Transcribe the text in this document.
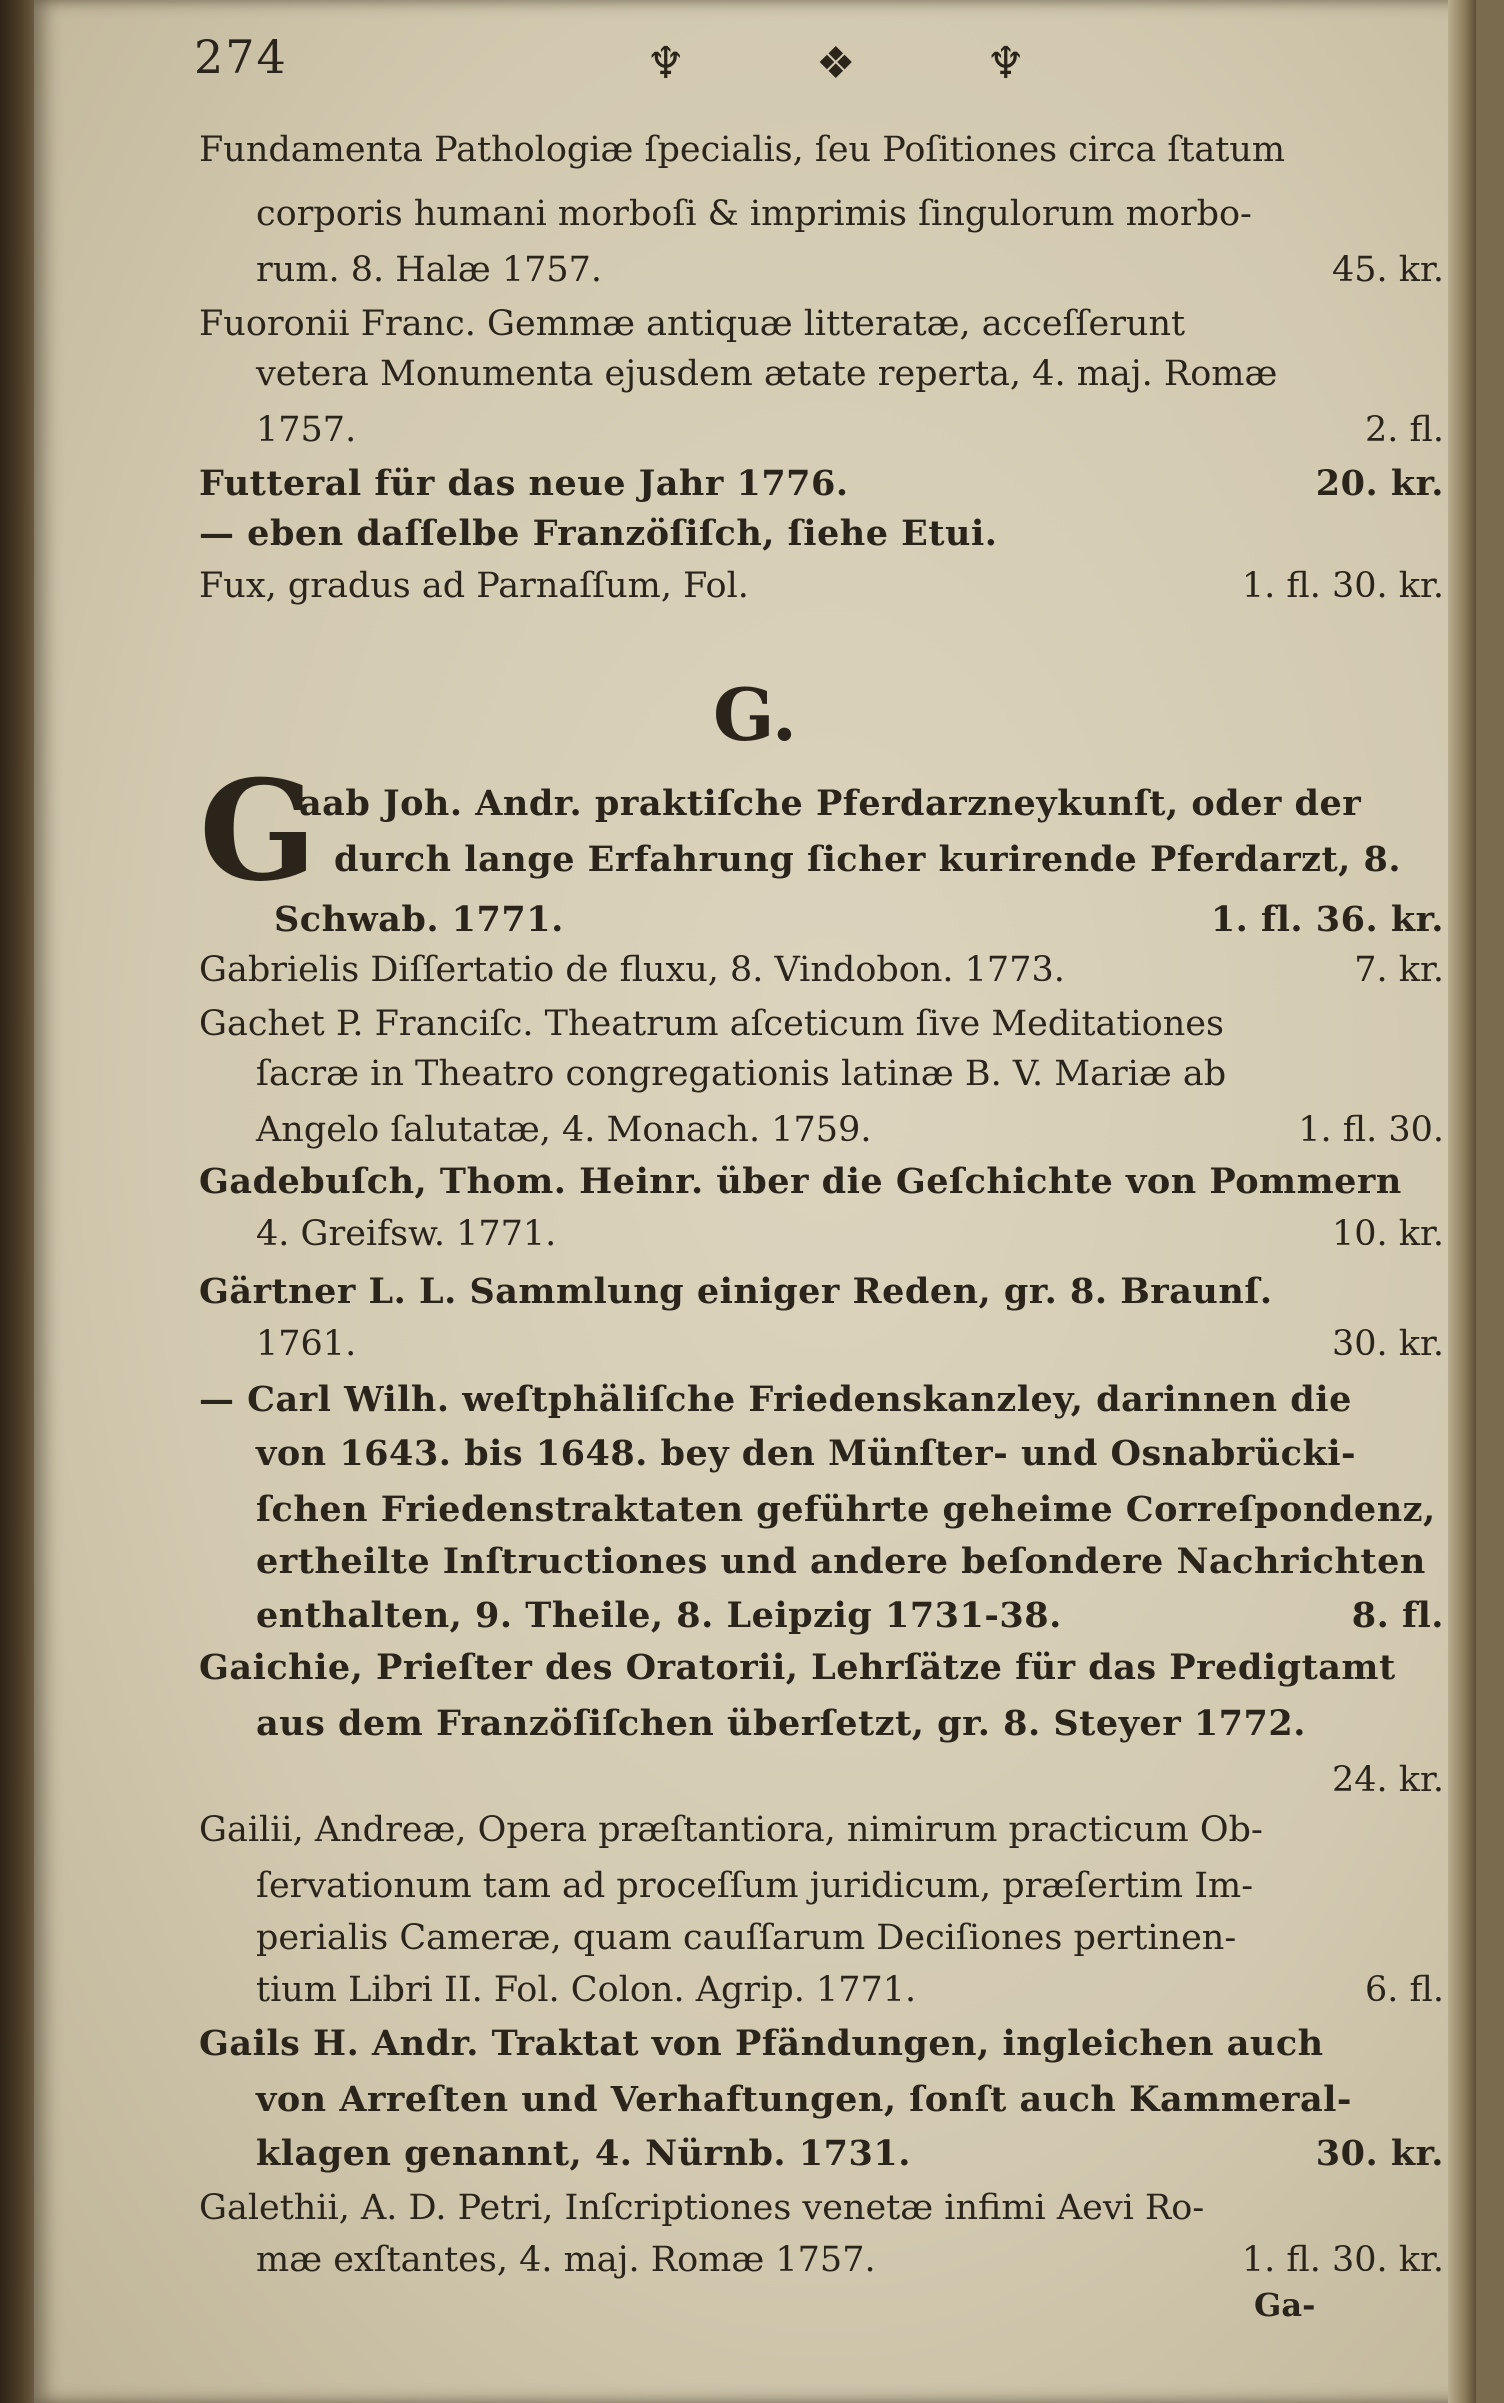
274	♆	❖	♆
Fundamenta Pathologiæ ſpecialis, ſeu Poſitiones circa ſtatum
corporis humani morboſi & imprimis ſingulorum morbo-
rum. 8. Halæ 1757.	45. kr.
Fuoronii Franc. Gemmæ antiquæ litteratæ, acceſſerunt
vetera Monumenta ejusdem ætate reperta, 4. maj. Romæ
1757.	2. fl.
Futteral für das neue Jahr 1776.	20. kr.
— eben daſſelbe Franzöſiſch, ſiehe Etui.
Fux, gradus ad Parnaſſum, Fol.	1. fl. 30. kr.
G.
G
aab Joh. Andr. praktiſche Pferdarzneykunſt, oder der
durch lange Erfahrung ſicher kurirende Pferdarzt, 8.
Schwab. 1771.	1. fl. 36. kr.
Gabrielis Diſſertatio de fluxu, 8. Vindobon. 1773.	7. kr.
Gachet P. Franciſc. Theatrum aſceticum ſive Meditationes
ſacræ in Theatro congregationis latinæ B. V. Mariæ ab
Angelo ſalutatæ, 4. Monach. 1759.	1. fl. 30.
Gadebuſch, Thom. Heinr. über die Geſchichte von Pommern
4. Greifsw. 1771.	10. kr.
Gärtner L. L. Sammlung einiger Reden, gr. 8. Braunſ.
1761.	30. kr.
— Carl Wilh. weſtphäliſche Friedenskanzley, darinnen die
von 1643. bis 1648. bey den Münſter- und Osnabrücki-
ſchen Friedenstraktaten geführte geheime Correſpondenz,
ertheilte Inſtructiones und andere beſondere Nachrichten
enthalten, 9. Theile, 8. Leipzig 1731-38.	8. fl.
Gaichie, Prieſter des Oratorii, Lehrſätze für das Predigtamt
aus dem Franzöſiſchen überſetzt, gr. 8. Steyer 1772.
24. kr.
Gailii, Andreæ, Opera præſtantiora, nimirum practicum Ob-
ſervationum tam ad proceſſum juridicum, præſertim Im-
perialis Cameræ, quam cauſſarum Deciſiones pertinen-
tium Libri II. Fol. Colon. Agrip. 1771.	6. fl.
Gails H. Andr. Traktat von Pfändungen, ingleichen auch
von Arreſten und Verhaftungen, ſonſt auch Kammeral-
klagen genannt, 4. Nürnb. 1731.	30. kr.
Galethii, A. D. Petri, Inſcriptiones venetæ infimi Aevi Ro-
mæ exſtantes, 4. maj. Romæ 1757.	1. fl. 30. kr.
Ga-
